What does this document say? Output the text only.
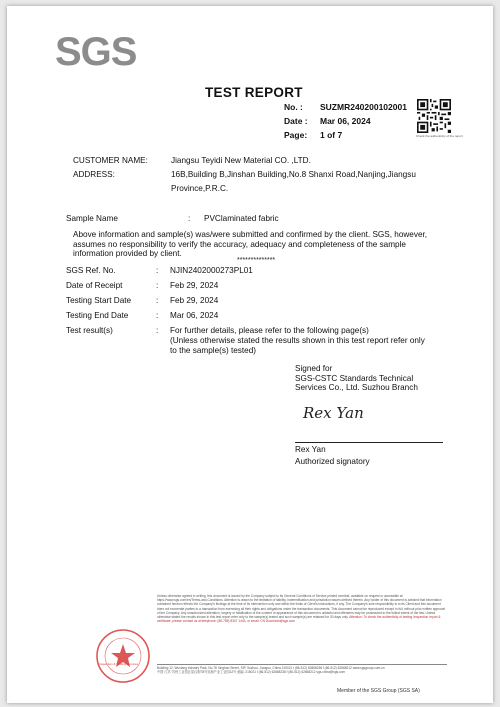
SGS
TEST REPORT
No. : SUZMR240200102001
Date : Mar 06, 2024
Page: 1 of 7	Check the authenticity of the report
CUSTOMER NAME:	Jiangsu Teyidi New Material CO. ,LTD.
ADDRESS:	16B,Building B,Jinshan Building,No.8 Shanxi Road,Nanjing,Jiangsu
Province,P.R.C.
Sample Name	: PVClaminated fabric
Above information and sample(s) was/were submitted and confirmed by the client. SGS, however, assumes no responsibility to verify the accuracy, adequacy and completeness of the sample information provided by client.
**************
SGS Ref. No.	: NJIN2402000273PL01
Date of Receipt	: Feb 29, 2024
Testing Start Date	: Feb 29, 2024
Testing End Date	: Mar 06, 2024
Test result(s)	: For further details, please refer to the following page(s)
(Unless otherwise stated the results shown in this test report refer only
to the sample(s) tested)
Signed for
SGS-CSTC Standards Technical
Services Co., Ltd. Suzhou Branch
Rex Yan
Rex Yan
Authorized signatory
Unless otherwise agreed in writing, this document is issued by the Company subject to its General Conditions of Service printed overleaf, available on request or accessible at https://www.sgs.com/en/Terms-and-Conditions. Attention is drawn to the limitation of liability, indemnification and jurisdiction issues defined therein. Any holder of this document is advised that information contained hereon reflects the Company's findings at the time of its intervention only and within the limits of Client's instructions, if any. The Company's sole responsibility is to its Client and this document does not exonerate parties to a transaction from exercising all their rights and obligations under the transaction documents. This document cannot be reproduced except in full, without prior written approval of the Company. Any unauthorized alteration, forgery or falsification of the content or appearance of this document is unlawful and offenders may be prosecuted to the fullest extent of the law. Unless otherwise stated the results shown in this test report refer only to the sample(s) tested and such sample(s) are retained for 30 days only. Attention: To check the authenticity of testing /inspection report & certificate, please contact us at telephone: (86-755) 8307 1443, or email: CN.Doccheck@sgs.com
Inspection & Testing Services
Building 12, Wuxiang Industry Park, No.78 Xinghan Street, SIP, Suzhou, Jiangsu, China 215021 t (86-512) 62868238 f (86-512) 62868212 www.sgsgroup.com.cn
中国·江苏·苏州工业园区星汉街78号吴湘产业工业园12号 邮编: 215021 t (86-512) 62868238 f (86-512) 62868212 sgs.china@sgs.com
Member of the SGS Group (SGS SA)
